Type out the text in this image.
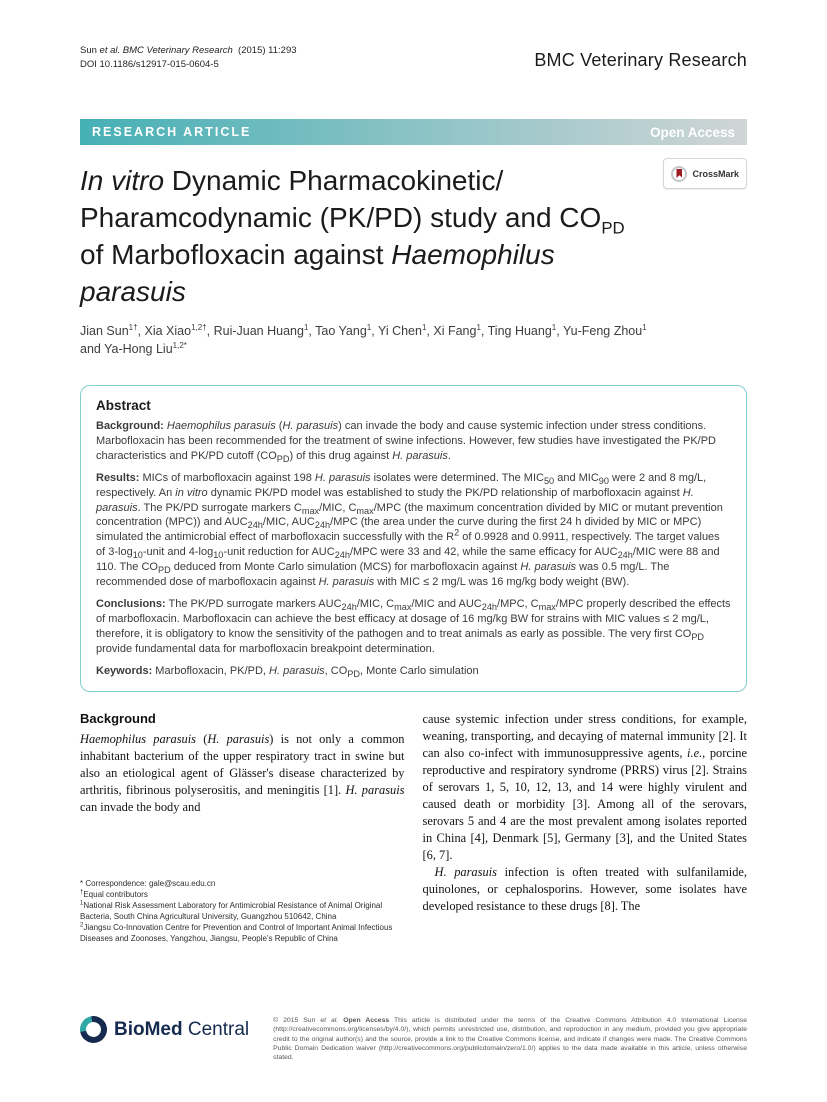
Sun et al. BMC Veterinary Research  (2015) 11:293
DOI 10.1186/s12917-015-0604-5	BMC Veterinary Research
RESEARCH ARTICLE	Open Access
In vitro Dynamic Pharmacokinetic/
Pharamcodynamic (PK/PD) study and $CO_{PD}$
of Marbofloxacin against Haemophilus
parasuis
CrossMark
Jian Sun$^{1\dagger}$, Xia Xiao$^{1,2\dagger}$, Rui-Juan Huang$^1$, Tao Yang$^1$, Yi Chen$^1$, Xi Fang$^1$, Ting Huang$^1$, Yu-Feng Zhou$^1$
and Ya-Hong Liu$^{1,2*}$
Abstract

Background: Haemophilus parasuis (H. parasuis) can invade the body and cause systemic infection under stress conditions. Marbofloxacin has been recommended for the treatment of swine infections. However, few studies have investigated the PK/PD characteristics and PK/PD cutoff $(CO_{PD})$ of this drug against H. parasuis.

Results: MICs of marbofloxacin against 198 H. parasuis isolates were determined. The $MIC_{50}$ and $MIC_{90}$ were 2 and 8 mg/L, respectively. An in vitro dynamic PK/PD model was established to study the PK/PD relationship of marbofloxacin against H. parasuis. The PK/PD surrogate markers $C_{max}$/MIC, $C_{max}$/MPC (the maximum concentration divided by MIC or mutant prevention concentration (MPC)) and $AUC_{24h}$/MIC, $AUC_{24h}$/MPC (the area under the curve during the first 24 h divided by MIC or MPC) simulated the antimicrobial effect of marbofloxacin successfully with the $R^2$ of 0.9928 and 0.9911, respectively. The target values of $3-\log_{10}$-unit and $4-\log_{10}$-unit reduction for $AUC_{24h}$/MPC were 33 and 42, while the same efficacy for $AUC_{24h}$/MIC were 88 and 110. The $CO_{PD}$ deduced from Monte Carlo simulation (MCS) for marbofloxacin against H. parasuis was 0.5 mg/L. The recommended dose of marbofloxacin against H. parasuis with MIC ≤ 2 mg/L was 16 mg/kg body weight (BW).

Conclusions: The PK/PD surrogate markers $AUC_{24h}$/MIC, $C_{max}$/MIC and $AUC_{24h}$/MPC, $C_{max}$/MPC properly described the effects of marbofloxacin. Marbofloxacin can achieve the best efficacy at dosage of 16 mg/kg BW for strains with MIC values ≤ 2 mg/L, therefore, it is obligatory to know the sensitivity of the pathogen and to treat animals as early as possible. The very first $CO_{PD}$ provide fundamental data for marbofloxacin breakpoint determination.

Keywords: Marbofloxacin, PK/PD, H. parasuis, $CO_{PD}$, Monte Carlo simulation

Background

Haemophilus parasuis (H. parasuis) is not only a common inhabitant bacterium of the upper respiratory tract in swine but also an etiological agent of Glässer's disease characterized by arthritis, fibrinous polyserositis, and meningitis [1]. H. parasuis can invade the body and

* Correspondence: gale@scau.edu.cn

†Equal contributors

$^1$National Risk Assessment Laboratory for Antimicrobial Resistance of Animal Original Bacteria, South China Agricultural University, Guangzhou 510642, China

$^2$Jiangsu Co-Innovation Centre for Prevention and Control of Important Animal Infectious Diseases and Zoonoses, Yangzhou, Jiangsu, People's Republic of China

cause systemic infection under stress conditions, for example, weaning, transporting, and decaying of maternal immunity [2]. It can also co-infect with immunosuppressive agents, i.e., porcine reproductive and respiratory syndrome (PRRS) virus [2]. Strains of serovars 1, 5, 10, 12, 13, and 14 were highly virulent and caused death or morbidity [3]. Among all of the serovars, serovars 5 and 4 are the most prevalent among isolates reported in China [4], Denmark [5], Germany [3], and the United States [6, 7].

H. parasuis infection is often treated with sulfanilamide, quinolones, or cephalosporins. However, some isolates have developed resistance to these drugs [8]. The

BioMed Central	© 2015 Sun et al. Open Access This article is distributed under the terms of the Creative Commons Attribution 4.0 International License (http://creativecommons.org/licenses/by/4.0/), which permits unrestricted use, distribution, and reproduction in any medium, provided you give appropriate credit to the original author(s) and the source, provide a link to the Creative Commons license, and indicate if changes were made. The Creative Commons Public Domain Dedication waiver (http://creativecommons.org/publicdomain/zero/1.0/) applies to the data made available in this article, unless otherwise stated.
